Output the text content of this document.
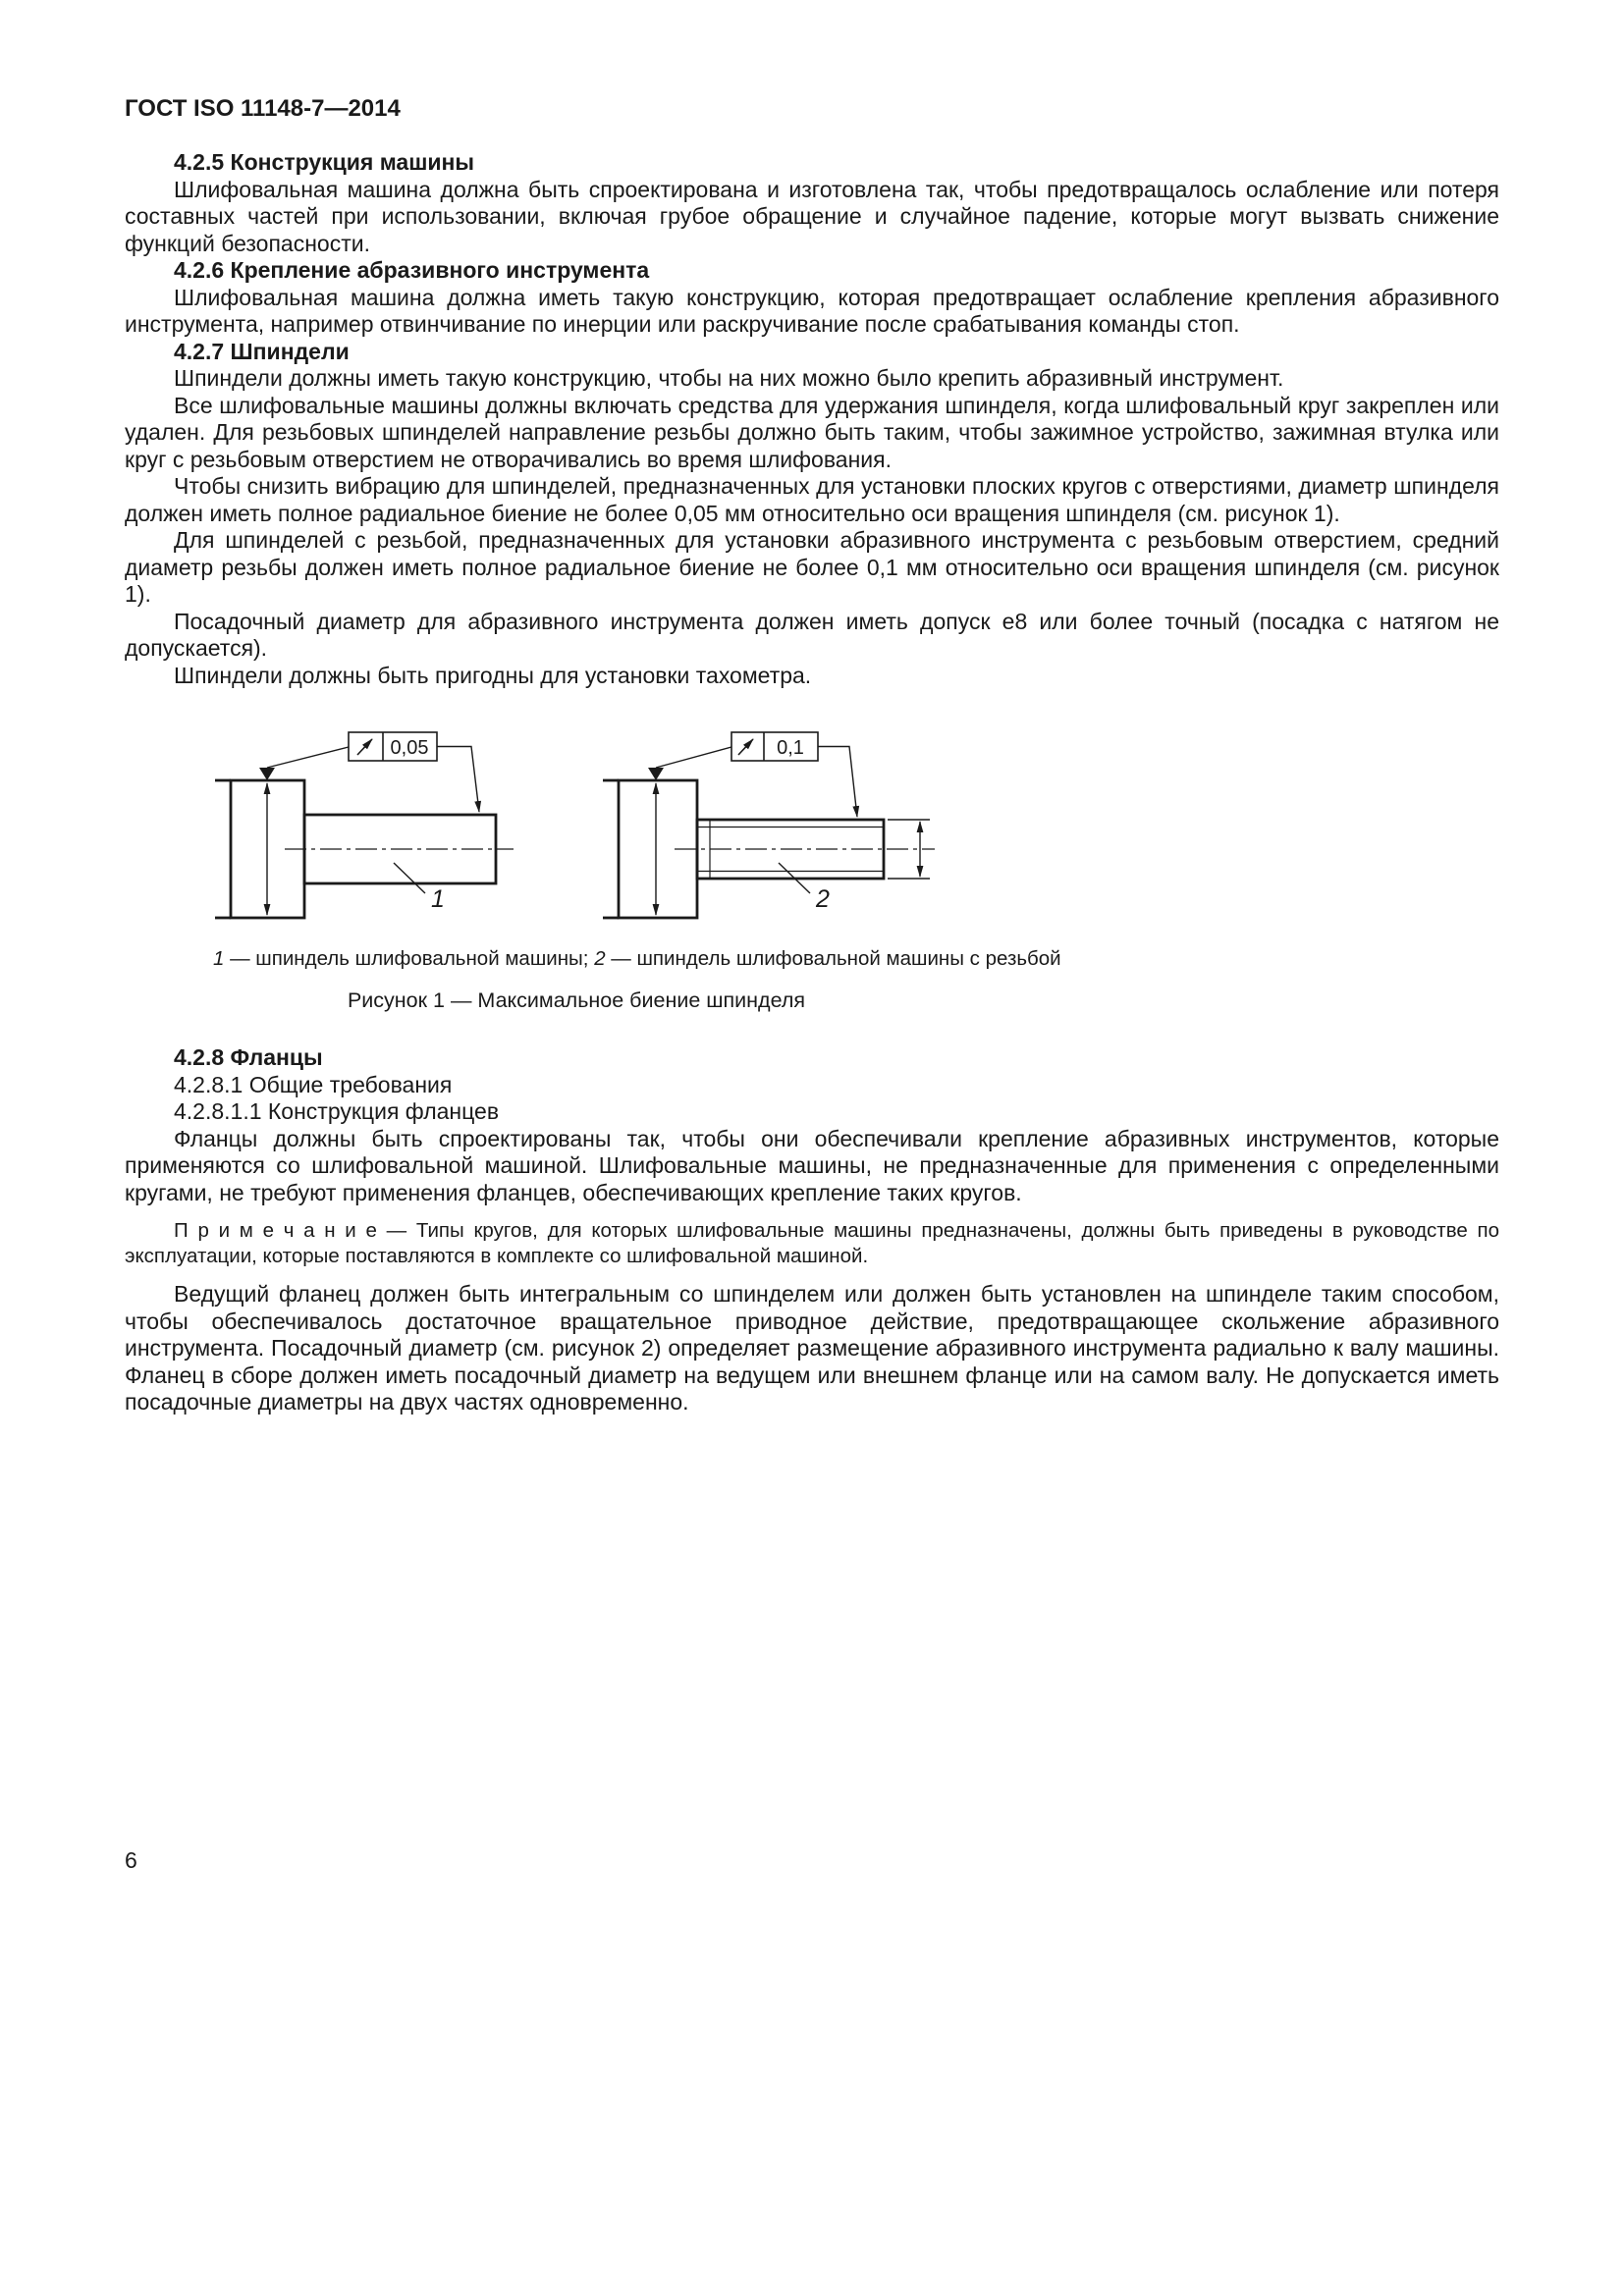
ГОСТ ISO 11148-7—2014

4.2.5 Конструкция машины

Шлифовальная машина должна быть спроектирована и изготовлена так, чтобы предотвращалось ослабление или потеря составных частей при использовании, включая грубое обращение и случайное падение, которые могут вызвать снижение функций безопасности.

4.2.6 Крепление абразивного инструмента

Шлифовальная машина должна иметь такую конструкцию, которая предотвращает ослабление крепления абразивного инструмента, например отвинчивание по инерции или раскручивание после срабатывания команды стоп.

4.2.7 Шпиндели

Шпиндели должны иметь такую конструкцию, чтобы на них можно было крепить абразивный инструмент.

Все шлифовальные машины должны включать средства для удержания шпинделя, когда шлифовальный круг закреплен или удален. Для резьбовых шпинделей направление резьбы должно быть таким, чтобы зажимное устройство, зажимная втулка или круг с резьбовым отверстием не отворачивались во время шлифования.

Чтобы снизить вибрацию для шпинделей, предназначенных для установки плоских кругов с отверстиями, диаметр шпинделя должен иметь полное радиальное биение не более 0,05 мм относительно оси вращения шпинделя (см. рисунок 1).

Для шпинделей с резьбой, предназначенных для установки абразивного инструмента с резьбовым отверстием, средний диаметр резьбы должен иметь полное радиальное биение не более 0,1 мм относительно оси вращения шпинделя (см. рисунок 1).

Посадочный диаметр для абразивного инструмента должен иметь допуск e8 или более точный (посадка с натягом не допускается).

Шпиндели должны быть пригодны для установки тахометра.

0,05
1
0,1
2
1 — шпиндель шлифовальной машины; 2 — шпиндель шлифовальной машины с резьбой
Рисунок 1 — Максимальное биение шпинделя

4.2.8 Фланцы

4.2.8.1 Общие требования

4.2.8.1.1 Конструкция фланцев

Фланцы должны быть спроектированы так, чтобы они обеспечивали крепление абразивных инструментов, которые применяются со шлифовальной машиной. Шлифовальные машины, не предназначенные для применения с определенными кругами, не требуют применения фланцев, обеспечивающих крепление таких кругов.

П р и м е ч а н и е — Типы кругов, для которых шлифовальные машины предназначены, должны быть приведены в руководстве по эксплуатации, которые поставляются в комплекте со шлифовальной машиной.

Ведущий фланец должен быть интегральным со шпинделем или должен быть установлен на шпинделе таким способом, чтобы обеспечивалось достаточное вращательное приводное действие, предотвращающее скольжение абразивного инструмента. Посадочный диаметр (см. рисунок 2) определяет размещение абразивного инструмента радиально к валу машины. Фланец в сборе должен иметь посадочный диаметр на ведущем или внешнем фланце или на самом валу. Не допускается иметь посадочные диаметры на двух частях одновременно.

6
